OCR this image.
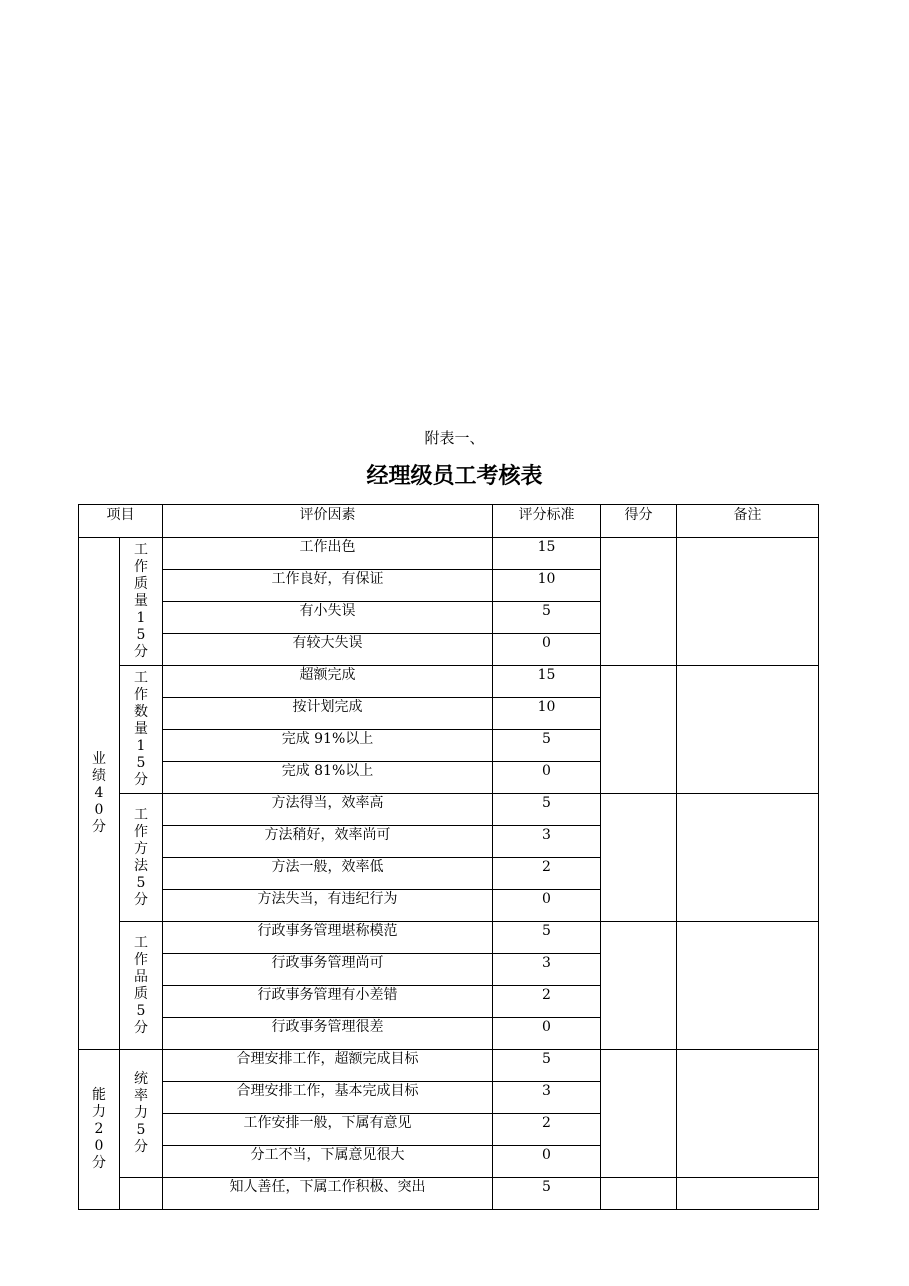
附表一、
经理级员工考核表
项目		评价因素	评分标准	得分	备注
业绩40分	工作质量15分	工作出色	15		
		工作良好，有保证	10		
		有小失误	5		
		有较大失误	0		
	工作数量15分	超额完成	15		
		按计划完成	10		
		完成 91%以上	5		
		完成 81%以上	0		
	工作方法5分	方法得当，效率高	5		
		方法稍好，效率尚可	3		
		方法一般，效率低	2		
		方法失当，有违纪行为	0		
	工作品质5分	行政事务管理堪称模范	5		
		行政事务管理尚可	3		
		行政事务管理有小差错	2		
		行政事务管理很差	0		
能力20分	统率力5分	合理安排工作，超额完成目标	5		
		合理安排工作，基本完成目标	3		
		工作安排一般，下属有意见	2		
		分工不当，下属意见很大	0		
		知人善任，下属工作积极、突出	5		
